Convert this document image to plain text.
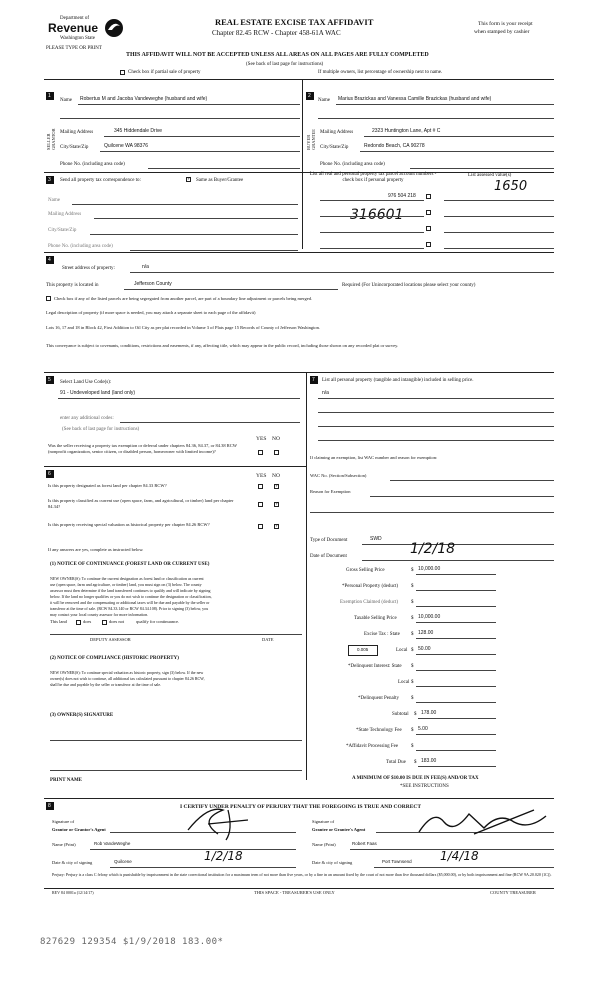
Department of
Revenue
Washington State
REAL ESTATE EXCISE TAX AFFIDAVIT
Chapter 82.45 RCW - Chapter 458-61A WAC
This form is your receipt
when stamped by cashier
PLEASE TYPE OR PRINT
THIS AFFIDAVIT WILL NOT BE ACCEPTED UNLESS ALL AREAS ON ALL PAGES ARE FULLY COMPLETED
(See back of last page for instructions)
Check box if partial sale of property	If multiple owners, list percentage of ownership next to name.
1
SELLER GRANTOR
Name Robertus M and Jacoba Vandeweghe (husband and wife)
Mailing Address	345 Hiddendale Drive
City/State/Zip	Quilcene WA 98376
Phone No. (including area code)
2
BUYER GRANTEE
Name Marius Brazickas and Vanessa Camille Brazickas (husband and wife)
Mailing Address	2323 Huntington Lane, Apt # C
City/State/Zip	Redondo Beach, CA 90278
Phone No. (including area code)
3 Send all property tax correspondence to:
✓	Same as Buyer/Grantee
Name
Mailing Address
City/State/Zip
Phone No. (including area code)
List all real and personal property tax parcel account numbers - check box if personal property
List assessed value(s)
976 504 218
1650
316601
4
Street address of property:	n/a
This property is located in	Jefferson County	Required (For Unincorporated locations please select your county)
Check box if any of the listed parcels are being segregated from another parcel, are part of a boundary line adjustment or parcels being merged.
Legal description of property (if more space is needed, you may attach a separate sheet to each page of the affidavit)
Lots 16, 17 and 18 in Block 42, First Addition to Oil City as per plat recorded in Volume 3 of Plats page 15 Records of County of Jefferson Washington.
This conveyance is subject to covenants, conditions, restrictions and easements, if any, affecting title, which may appear in the public record, including those shown on any recorded plat or survey.
5 Select Land Use Code(s):
91 - Undeveloped land (land only)
enter any additional codes:
(See back of last page for instructions)
YES NO
Was the seller receiving a property tax exemption or deferral under chapters 84.36, 84.37, or 84.38 RCW (nonprofit organization, senior citizen, or disabled person, homeowner with limited income)?
7 List all personal property (tangible and intangible) included in selling price.
n/a
If claiming an exemption, list WAC number and reason for exemption:
6	YES NO	WAC No. (Section/Subsection)
Is this property designated as forest land per chapter 84.33 RCW?
✓
Reason for Exemption
Is this property classified as current use (open space, farm, and agricultural, or timber) land per chapter 84.34?
✓
Is this property receiving special valuation as historical property per chapter 84.26 RCW?
✓
Type of Document	SWD
If any answers are yes, complete as instructed below.
Date of Document	1/2/18
(1) NOTICE OF CONTINUANCE (FOREST LAND OR CURRENT USE)
NEW OWNER(S): To continue the current designation as forest land or classification as current
use (open space, farm and agriculture, or timber) land, you must sign on (3) below. The county
assessor must then determine if the land transferred continues to qualify and will indicate by signing
below. If the land no longer qualifies or you do not wish to continue the designation or classification,
it will be removed and the compensating or additional taxes will be due and payable by the seller or
transferor at the time of sale. (RCW 84.33.140 or RCW 84.34.108). Prior to signing (3) below, you
may contact your local county assessor for more information.
This land	does	does not	qualify for continuance.
Gross Selling Price	$ 10,000.00
*Personal Property (deduct)	$
Exemption Claimed (deduct)	$
Taxable Selling Price	$ 10,000.00
Excise Tax : State $ 128.00
DEPUTY ASSESSOR	DATE
0.005	Local $ 50.00
(2) NOTICE OF COMPLIANCE (HISTORIC PROPERTY)
NEW OWNER(S): To continue special valuation as historic property, sign (3) below. If the new
owner(s) does not wish to continue, all additional tax calculated pursuant to chapter 84.26 RCW,
shall be due and payable by the seller or transferor at the time of sale.
*Delinquent Interest: State $
Local $
*Delinquent Penalty $
Subtotal $ 178.00
(3) OWNER(S) SIGNATURE
*State Technology Fee $ 5.00
*Affidavit Processing Fee	$
Total Due $ 183.00
PRINT NAME	A MINIMUM OF $10.00 IS DUE IN FEE(S) AND/OR TAX
*SEE INSTRUCTIONS
8	I CERTIFY UNDER PENALTY OF PERJURY THAT THE FOREGOING IS TRUE AND CORRECT
Signature of
Grantor or Grantor's Agent
Name (Print)	Rob VandeWeghe
Date & city of signing	Quilcene	1/2/18
Signature of
Grantee or Grantee's Agent
Name (Print)	Robert Faas
Date & city of signing	Port Townsend 1/4/18
Perjury: Perjury is a class C felony which is punishable by imprisonment in the state correctional institution for a maximum term of not more than five years, or by a fine in an amount fixed by the court of not more than five thousand dollars ($5,000.00), or by both imprisonment and fine (RCW 9A.20.020 (1C)).
REV 84 0001a (12/14/17)	THIS SPACE - TREASURER'S USE ONLY	COUNTY TREASURER
827629 129354 $1/9/2018 183.00*
